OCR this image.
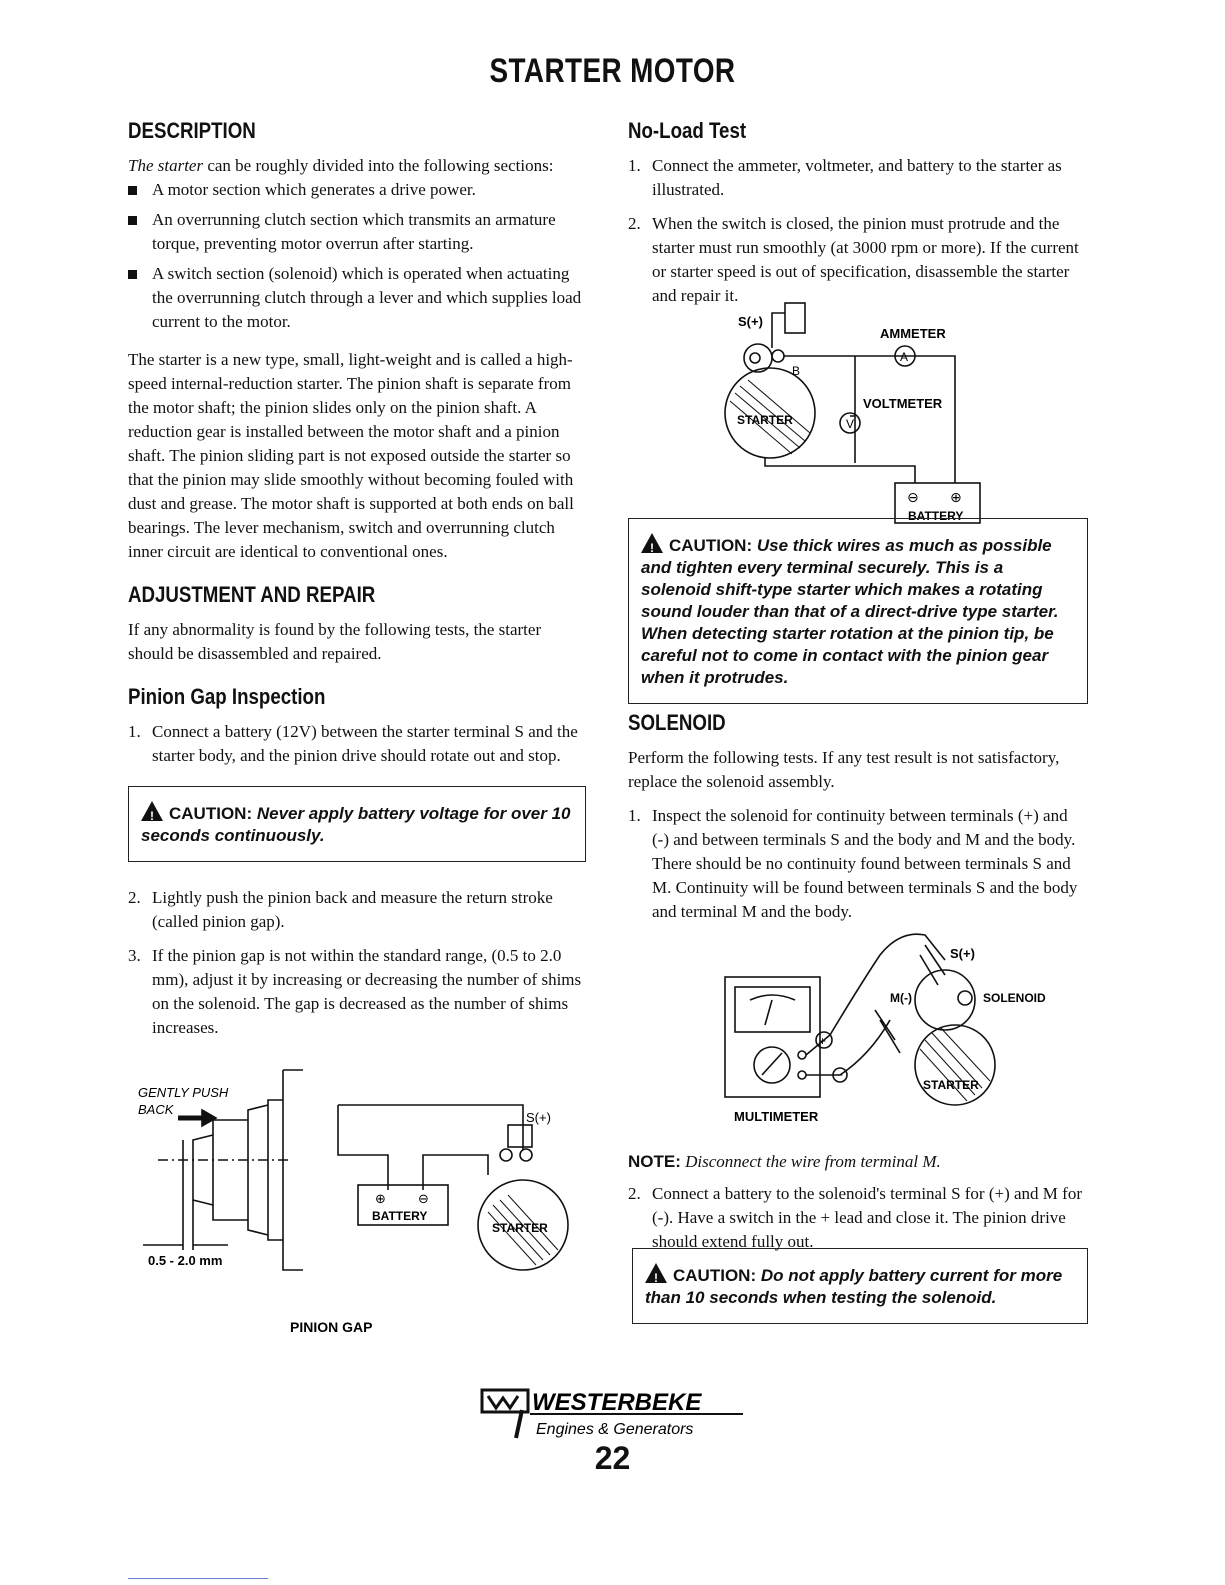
STARTER MOTOR
DESCRIPTION

The starter can be roughly divided into the following sections:

A motor section which generates a drive power.
An overrunning clutch section which transmits an armature torque, preventing motor overrun after starting.
A switch section (solenoid) which is operated when actuating the overrunning clutch through a lever and which supplies load current to the motor.

The starter is a new type, small, light-weight and is called a high-speed internal-reduction starter. The pinion shaft is separate from the motor shaft; the pinion slides only on the pinion shaft. A reduction gear is installed between the motor shaft and a pinion shaft. The pinion sliding part is not exposed outside the starter so that the pinion may slide smoothly without becoming fouled with dust and grease. The motor shaft is supported at both ends on ball bearings. The lever mechanism, switch and overrunning clutch inner circuit are identical to conventional ones.

ADJUSTMENT AND REPAIR

If any abnormality is found by the following tests, the starter should be disassembled and repaired.

Pinion Gap Inspection
1. Connect a battery (12V) between the starter terminal S and the starter body, and the pinion drive should rotate out and stop.
!CAUTION: Never apply battery voltage for over 10 seconds continuously.
2. Lightly push the pinion back and measure the return stroke (called pinion gap).
3. If the pinion gap is not within the standard range, (0.5 to 2.0 mm), adjust it by increasing or decreasing the number of shims on the solenoid. The gap is decreased as the number of shims increases.
GENTLY PUSH
BACK
0.5 - 2.0 mm
⊕ ⊖
BATTERY
STARTER
S(+)
PINION GAP
No-Load Test
1. Connect the ammeter, voltmeter, and battery to the starter as illustrated.
2. When the switch is closed, the pinion must protrude and the starter must run smoothly (at 3000 rpm or more). If the current or starter speed is out of specification, disassemble the starter and repair it.
S(+)
AMMETER
A
B
VOLTMETER
V
STARTER
⊖ ⊕
BATTERY
!CAUTION: Use thick wires as much as possible and tighten every terminal securely. This is a solenoid shift-type starter which makes a rotating sound louder than that of a direct-drive type starter. When detecting starter rotation at the pinion tip, be careful not to come in contact with the pinion gear when it protrudes.
SOLENOID

Perform the following tests. If any test result is not satisfactory, replace the solenoid assembly.

1. Inspect the solenoid for continuity between terminals (+) and (-) and between terminals S and the body and M and the body. There should be no continuity found between terminals S and M. Continuity will be found between terminals S and the body and terminal M and the body.
S(+)
M(-)	SOLENOID
STARTER
MULTIMETER
+
−

NOTE: Disconnect the wire from terminal M.

2. Connect a battery to the solenoid's terminal S for (+) and M for (-). Have a switch in the + lead and close it. The pinion drive should extend fully out.
!CAUTION: Do not apply battery current for more than 10 seconds when testing the solenoid.
WESTERBEKE
Engines & Generators
22
